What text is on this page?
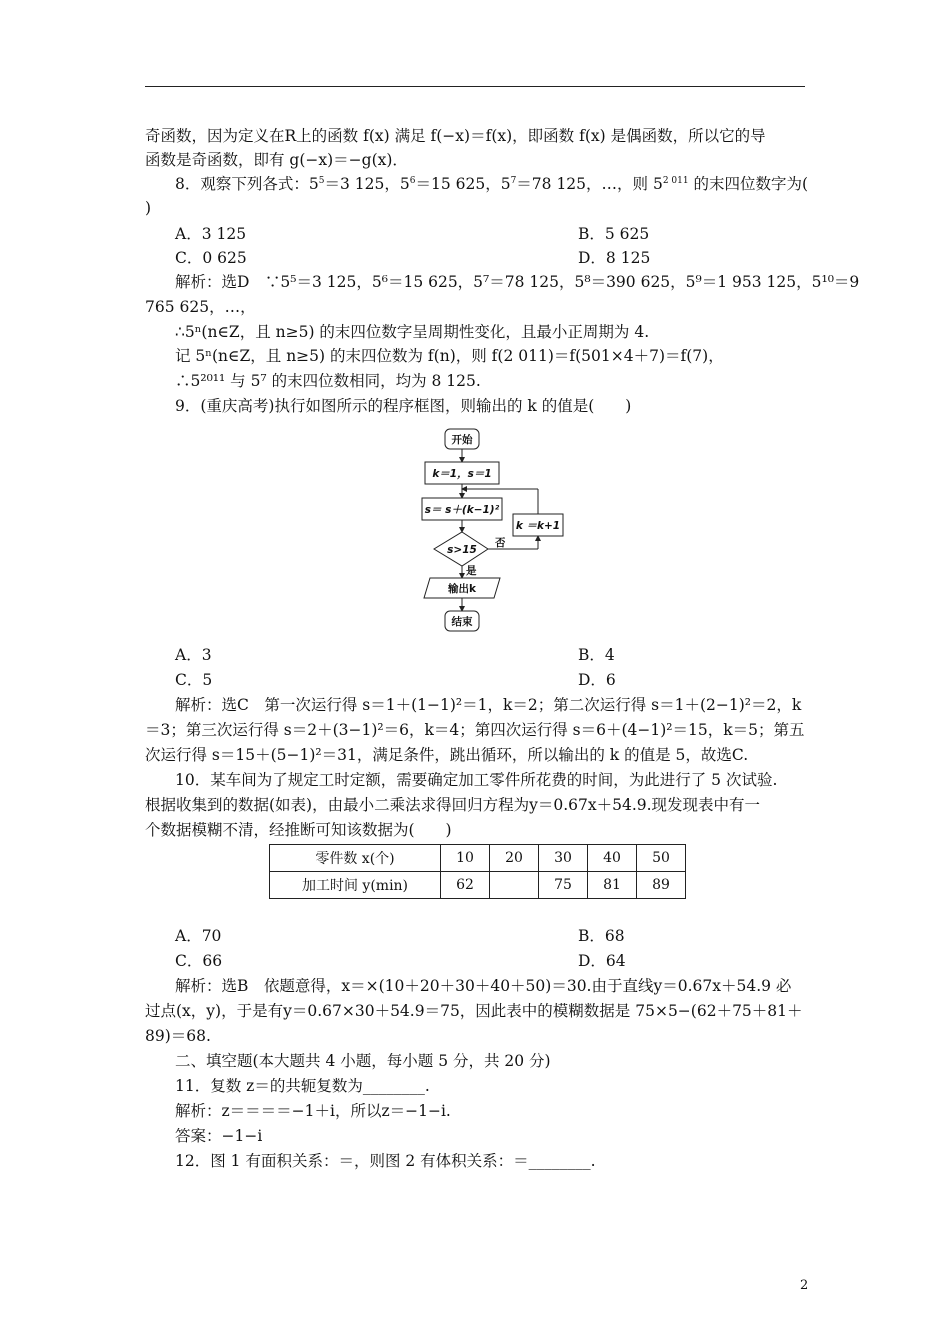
奇函数，因为定义在R上的函数 f(x) 满足 f(−x)＝f(x)，即函数 f(x) 是偶函数，所以它的导
函数是奇函数，即有 g(−x)＝−g(x)．
8．观察下列各式：$5^5=3$ 125，$5^6=15$ 625，$5^7=78$ 125，…，则 $5^{2 011}$ 的末四位数字为(
)
A．3 125	B．5 625
C．0 625	D．8 125
解析：选D　∵5⁵＝3 125，5⁶＝15 625，5⁷＝78 125，5⁸＝390 625，5⁹＝1 953 125，5¹⁰＝9
765 625，…，
∴5ⁿ(n∈Z，且 n≥5) 的末四位数字呈周期性变化，且最小正周期为 4.
记 5ⁿ(n∈Z，且 n≥5) 的末四位数为 f(n)，则 f(2 011)＝f(501×4＋7)＝f(7)，
∴5²⁰¹¹ 与 5⁷ 的末四位数相同，均为 8 125.
9．(重庆高考)执行如图所示的程序框图，则输出的 k 的值是(　　)
开始
k＝1，s＝1
s＝ s＋(k−1)²
s>15
否
k ＝k+1
是
输出k
结束
A．3	B．4
C．5	D．6
解析：选C　第一次运行得 s＝1＋(1−1)²＝1，k＝2；第二次运行得 s＝1＋(2−1)²＝2，k
＝3；第三次运行得 s＝2＋(3−1)²＝6，k＝4；第四次运行得 s＝6＋(4−1)²＝15，k＝5；第五
次运行得 s＝15＋(5−1)²＝31，满足条件，跳出循环，所以输出的 k 的值是 5，故选C.
10．某车间为了规定工时定额，需要确定加工零件所花费的时间，为此进行了 5 次试验.
根据收集到的数据(如表)，由最小二乘法求得回归方程为y＝0.67x＋54.9.现发现表中有一
个数据模糊不清，经推断可知该数据为(　　)
零件数 x(个)	10	20	30	40	50
加工时间 y(min)	62		75	81	89
A．70	B．68
C．66	D．64
解析：选B　依题意得，x＝×(10＋20＋30＋40＋50)＝30.由于直线y＝0.67x＋54.9 必
过点(x，y)，于是有y＝0.67×30＋54.9＝75，因此表中的模糊数据是 75×5−(62＋75＋81＋
89)＝68.
二、填空题(本大题共 4 小题，每小题 5 分，共 20 分)
11．复数 z＝的共轭复数为________.
解析：z＝＝＝＝−1＋i，所以z＝−1−i.
答案：−1−i
12．图 1 有面积关系：＝，则图 2 有体积关系：＝________.
2
